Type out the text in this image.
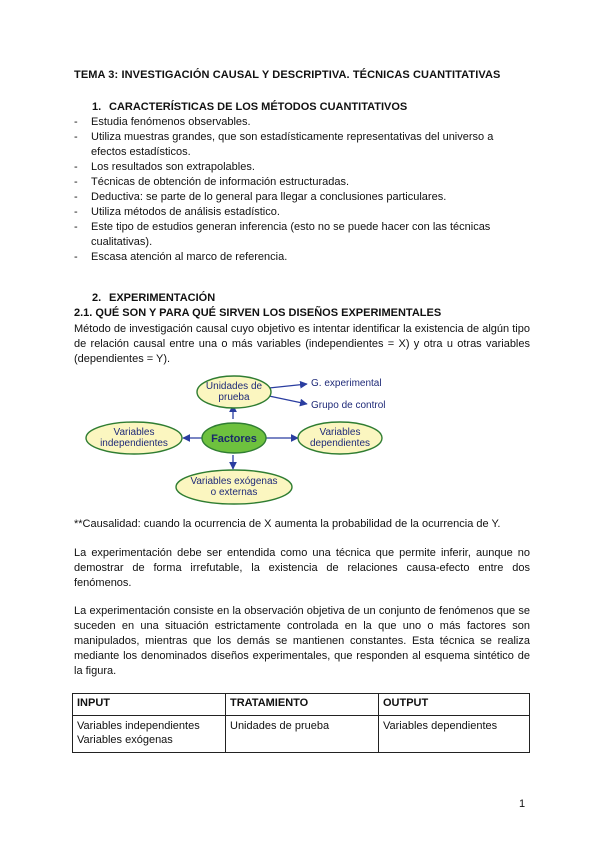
TEMA 3: INVESTIGACIÓN CAUSAL Y DESCRIPTIVA. TÉCNICAS CUANTITATIVAS
1. CARACTERÍSTICAS DE LOS MÉTODOS CUANTITATIVOS
- Estudia fenómenos observables.
- Utiliza muestras grandes, que son estadísticamente representativas del universo a efectos estadísticos.
- Los resultados son extrapolables.
- Técnicas de obtención de información estructuradas.
- Deductiva: se parte de lo general para llegar a conclusiones particulares.
- Utiliza métodos de análisis estadístico.
- Este tipo de estudios generan inferencia (esto no se puede hacer con las técnicas cualitativas).
- Escasa atención al marco de referencia.
2. EXPERIMENTACIÓN
2.1. QUÉ SON Y PARA QUÉ SIRVEN LOS DISEÑOS EXPERIMENTALES
Método de investigación causal cuyo objetivo es intentar identificar la existencia de algún tipo de relación causal entre una o más variables (independientes = X) y otra u otras variables (dependientes = Y).
Unidades de
prueba
Variables
independientes
Variables
dependientes
Variables exógenas
o externas
Factores
G. experimental
Grupo de control
**Causalidad: cuando la ocurrencia de X aumenta la probabilidad de la ocurrencia de Y.
La experimentación debe ser entendida como una técnica que permite inferir, aunque no demostrar de forma irrefutable, la existencia de relaciones causa-efecto entre dos fenómenos.
La experimentación consiste en la observación objetiva de un conjunto de fenómenos que se suceden en una situación estrictamente controlada en la que uno o más factores son manipulados, mientras que los demás se mantienen constantes. Esta técnica se realiza mediante los denominados diseños experimentales, que responden al esquema sintético de la figura.
INPUT	TRATAMIENTO	OUTPUT

Variables independientes
Variables exógenas	Unidades de prueba	Variables dependientes
1
